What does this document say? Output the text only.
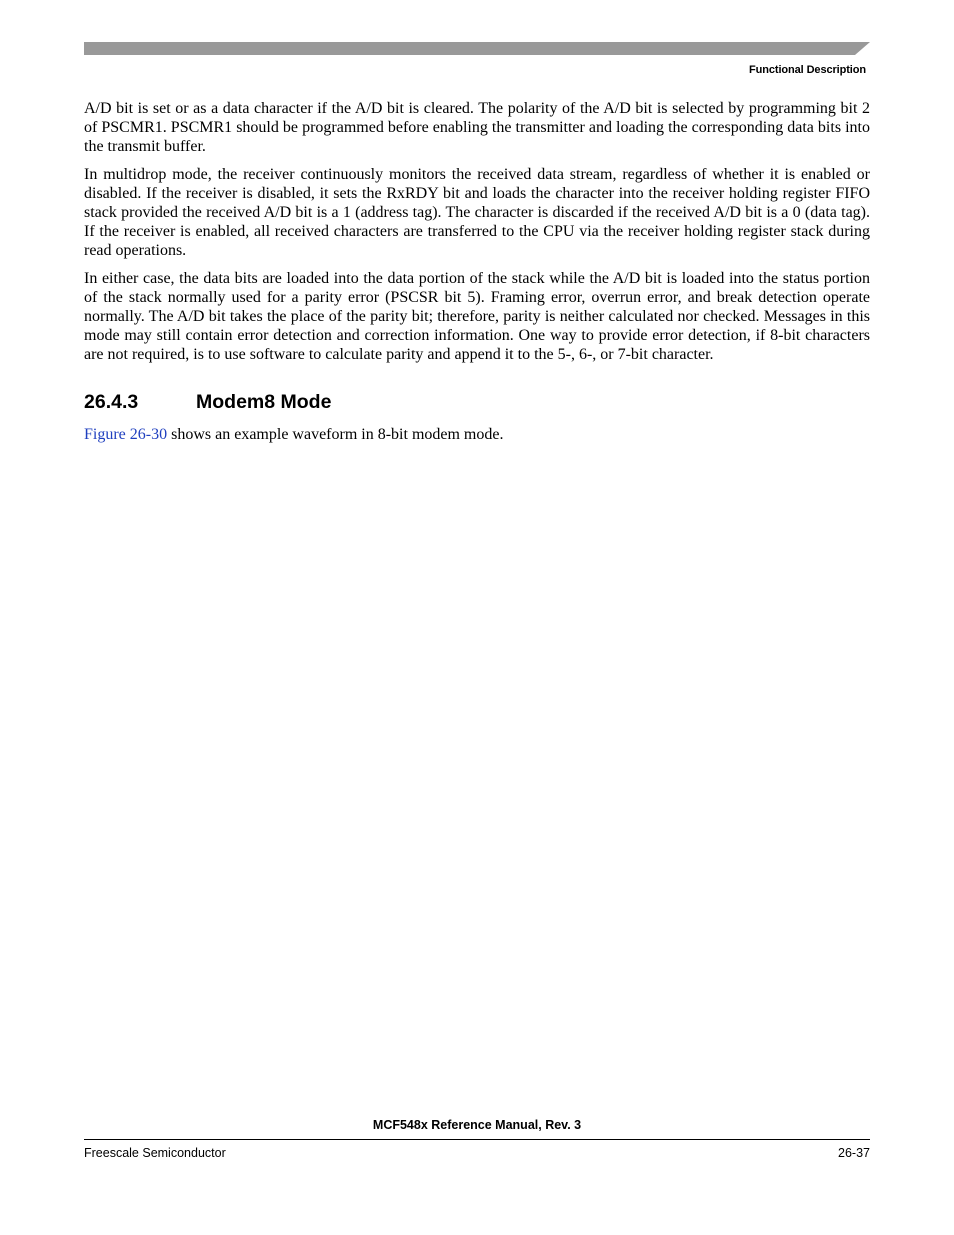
Functional Description

A/D bit is set or as a data character if the A/D bit is cleared. The polarity of the A/D bit is selected by programming bit 2 of PSCMR1. PSCMR1 should be programmed before enabling the transmitter and loading the corresponding data bits into the transmit buffer.

In multidrop mode, the receiver continuously monitors the received data stream, regardless of whether it is enabled or disabled. If the receiver is disabled, it sets the RxRDY bit and loads the character into the receiver holding register FIFO stack provided the received A/D bit is a 1 (address tag). The character is discarded if the received A/D bit is a 0 (data tag). If the receiver is enabled, all received characters are transferred to the CPU via the receiver holding register stack during read operations.

In either case, the data bits are loaded into the data portion of the stack while the A/D bit is loaded into the status portion of the stack normally used for a parity error (PSCSR bit 5). Framing error, overrun error, and break detection operate normally. The A/D bit takes the place of the parity bit; therefore, parity is neither calculated nor checked. Messages in this mode may still contain error detection and correction information. One way to provide error detection, if 8-bit characters are not required, is to use software to calculate parity and append it to the 5-, 6-, or 7-bit character.

26.4.3	Modem8 Mode

Figure 26-30 shows an example waveform in 8-bit modem mode.

MCF548x Reference Manual, Rev. 3
Freescale Semiconductor	26-37
